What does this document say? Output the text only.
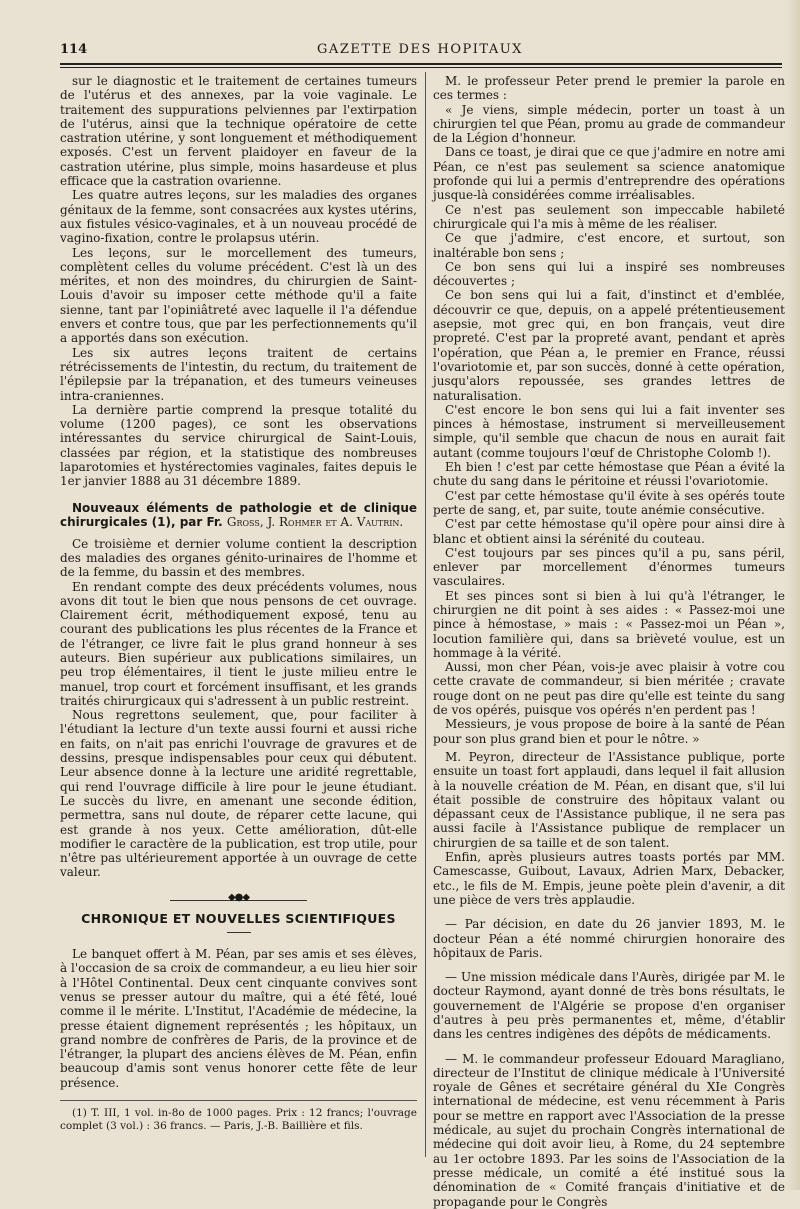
114	GAZETTE DES HOPITAUX

sur le diagnostic et le traitement de certaines tumeurs de l'utérus et des annexes, par la voie vaginale. Le traitement des suppurations pelviennes par l'extirpation de l'utérus, ainsi que la technique opératoire de cette castration utérine, y sont longuement et méthodiquement exposés. C'est un fervent plaidoyer en faveur de la castration utérine, plus simple, moins hasardeuse et plus efficace que la castration ovarienne.

Les quatre autres leçons, sur les maladies des organes génitaux de la femme, sont consacrées aux kystes utérins, aux fistules vésico-vaginales, et à un nouveau procédé de vagino-fixation, contre le prolapsus utérin.

Les leçons, sur le morcellement des tumeurs, complètent celles du volume précédent. C'est là un des mérites, et non des moindres, du chirurgien de Saint-Louis d'avoir su imposer cette méthode qu'il a faite sienne, tant par l'opiniâtreté avec laquelle il l'a défendue envers et contre tous, que par les perfectionnements qu'il a apportés dans son exécution.

Les six autres leçons traitent de certains rétrécissements de l'intestin, du rectum, du traitement de l'épilepsie par la trépanation, et des tumeurs veineuses intra-craniennes.

La dernière partie comprend la presque totalité du volume (1200 pages), ce sont les observations intéressantes du service chirurgical de Saint-Louis, classées par région, et la statistique des nombreuses laparotomies et hystérectomies vaginales, faites depuis le 1er janvier 1888 au 31 décembre 1889.

Nouveaux éléments de pathologie et de clinique chirurgicales (1), par Fr. Gross, J. Rohmer et A. Vautrin.

Ce troisième et dernier volume contient la description des maladies des organes génito-urinaires de l'homme et de la femme, du bassin et des membres.

En rendant compte des deux précédents volumes, nous avons dit tout le bien que nous pensons de cet ouvrage. Clairement écrit, méthodiquement exposé, tenu au courant des publications les plus récentes de la France et de l'étranger, ce livre fait le plus grand honneur à ses auteurs. Bien supérieur aux publications similaires, un peu trop élémentaires, il tient le juste milieu entre le manuel, trop court et forcément insuffisant, et les grands traités chirurgicaux qui s'adressent à un public restreint.

Nous regrettons seulement, que, pour faciliter à l'étudiant la lecture d'un texte aussi fourni et aussi riche en faits, on n'ait pas enrichi l'ouvrage de gravures et de dessins, presque indispensables pour ceux qui débutent. Leur absence donne à la lecture une aridité regrettable, qui rend l'ouvrage difficile à lire pour le jeune étudiant. Le succès du livre, en amenant une seconde édition, permettra, sans nul doute, de réparer cette lacune, qui est grande à nos yeux. Cette amélioration, dût-elle modifier le caractère de la publication, est trop utile, pour n'être pas ultérieurement apportée à un ouvrage de cette valeur.

◆●◆
CHRONIQUE ET NOUVELLES SCIENTIFIQUES

Le banquet offert à M. Péan, par ses amis et ses élèves, à l'occasion de sa croix de commandeur, a eu lieu hier soir à l'Hôtel Continental. Deux cent cinquante convives sont venus se presser autour du maître, qui a été fêté, loué comme il le mérite. L'Institut, l'Académie de médecine, la presse étaient dignement représentés ; les hôpitaux, un grand nombre de confrères de Paris, de la province et de l'étranger, la plupart des anciens élèves de M. Péan, enfin beaucoup d'amis sont venus honorer cette fête de leur présence.

(1) T. III, 1 vol. in-8o de 1000 pages. Prix : 12 francs; l'ouvrage complet (3 vol.) : 36 francs. — Paris, J.-B. Baillière et fils.

M. le professeur Peter prend le premier la parole en ces termes :

« Je viens, simple médecin, porter un toast à un chirurgien tel que Péan, promu au grade de commandeur de la Légion d'honneur.

Dans ce toast, je dirai que ce que j'admire en notre ami Péan, ce n'est pas seulement sa science anatomique profonde qui lui a permis d'entreprendre des opérations jusque-là considérées comme irréalisables.

Ce n'est pas seulement son impeccable habileté chirurgicale qui l'a mis à même de les réaliser.

Ce que j'admire, c'est encore, et surtout, son inaltérable bon sens ;

Ce bon sens qui lui a inspiré ses nombreuses découvertes ;

Ce bon sens qui lui a fait, d'instinct et d'emblée, découvrir ce que, depuis, on a appelé prétentieusement asepsie, mot grec qui, en bon français, veut dire propreté. C'est par la propreté avant, pendant et après l'opération, que Péan a, le premier en France, réussi l'ovariotomie et, par son succès, donné à cette opération, jusqu'alors repoussée, ses grandes lettres de naturalisation.

C'est encore le bon sens qui lui a fait inventer ses pinces à hémostase, instrument si merveilleusement simple, qu'il semble que chacun de nous en aurait fait autant (comme toujours l'œuf de Christophe Colomb !).

Eh bien ! c'est par cette hémostase que Péan a évité la chute du sang dans le péritoine et réussi l'ovariotomie.

C'est par cette hémostase qu'il évite à ses opérés toute perte de sang, et, par suite, toute anémie consécutive.

C'est par cette hémostase qu'il opère pour ainsi dire à blanc et obtient ainsi la sérénité du couteau.

C'est toujours par ses pinces qu'il a pu, sans péril, enlever par morcellement d'énormes tumeurs vasculaires.

Et ses pinces sont si bien à lui qu'à l'étranger, le chirurgien ne dit point à ses aides : « Passez-moi une pince à hémostase, » mais : « Passez-moi un Péan », locution familière qui, dans sa brièveté voulue, est un hommage à la vérité.

Aussi, mon cher Péan, vois-je avec plaisir à votre cou cette cravate de commandeur, si bien méritée ; cravate rouge dont on ne peut pas dire qu'elle est teinte du sang de vos opérés, puisque vos opérés n'en perdent pas !

Messieurs, je vous propose de boire à la santé de Péan pour son plus grand bien et pour le nôtre. »

M. Peyron, directeur de l'Assistance publique, porte ensuite un toast fort applaudi, dans lequel il fait allusion à la nouvelle création de M. Péan, en disant que, s'il lui était possible de construire des hôpitaux valant ou dépassant ceux de l'Assistance publique, il ne sera pas aussi facile à l'Assistance publique de remplacer un chirurgien de sa taille et de son talent.

Enfin, après plusieurs autres toasts portés par MM. Camescasse, Guibout, Lavaux, Adrien Marx, Debacker, etc., le fils de M. Empis, jeune poète plein d'avenir, a dit une pièce de vers très applaudie.

— Par décision, en date du 26 janvier 1893, M. le docteur Péan a été nommé chirurgien honoraire des hôpitaux de Paris.

— Une mission médicale dans l'Aurès, dirigée par M. le docteur Raymond, ayant donné de très bons résultats, le gouvernement de l'Algérie se propose d'en organiser d'autres à peu près permanentes et, même, d'établir dans les centres indigènes des dépôts de médicaments.

— M. le commandeur professeur Edouard Maragliano, directeur de l'Institut de clinique médicale à l'Université royale de Gênes et secrétaire général du XIe Congrès international de médecine, est venu récemment à Paris pour se mettre en rapport avec l'Association de la presse médicale, au sujet du prochain Congrès international de médecine qui doit avoir lieu, à Rome, du 24 septembre au 1er octobre 1893. Par les soins de l'Association de la presse médicale, un comité a été institué sous la dénomination de « Comité français d'initiative et de propagande pour le Congrès
